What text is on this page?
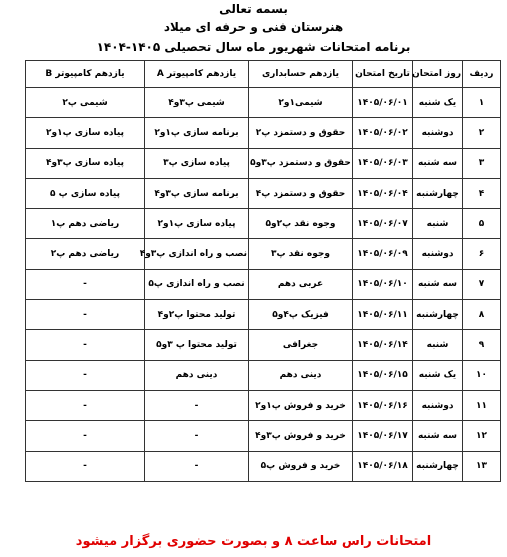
بسمه تعالی
هنرستان فنی و حرفه ای میلاد
برنامه امتحانات شهریور ماه سال تحصیلی ۱۴۰۵-۱۴۰۴
ردیف	روز امتحان	تاریخ امتحان	یازدهم حسابداری	یازدهم کامپیوتر A	یازدهم کامپیوتر B
۱	یک شنبه	۱۴۰۵/۰۶/۰۱	شیمی۱و۲	شیمی پ۳و۴	شیمی پ۲
۲	دوشنبه	۱۴۰۵/۰۶/۰۲	حقوق و دستمزد پ۲	برنامه سازی پ۱و۲	پیاده سازی پ۱و۲
۳	سه شنبه	۱۴۰۵/۰۶/۰۳	حقوق و دستمزد پ۳و۵	پیاده سازی پ۳	پیاده سازی پ۳و۴
۴	چهارشنبه	۱۴۰۵/۰۶/۰۴	حقوق و دستمزد پ۴	برنامه سازی پ۳و۴	پیاده سازی پ ۵
۵	شنبه	۱۴۰۵/۰۶/۰۷	وجوه نقد پ۲و۵	پیاده سازی پ۱و۲	ریاضی دهم پ۱
۶	دوشنبه	۱۴۰۵/۰۶/۰۹	وجوه نقد پ۳	نصب و راه اندازی پ۳و۴	ریاضی دهم پ۲
۷	سه شنبه	۱۴۰۵/۰۶/۱۰	عربی دهم	نصب و راه اندازی پ۵	-
۸	چهارشنبه	۱۴۰۵/۰۶/۱۱	فیزیک پ۴و۵	تولید محتوا پ۲و۴	-
۹	شنبه	۱۴۰۵/۰۶/۱۴	جغرافی	تولید محتوا پ ۳و۵	-
۱۰	یک شنبه	۱۴۰۵/۰۶/۱۵	دینی دهم	دینی دهم	-
۱۱	دوشنبه	۱۴۰۵/۰۶/۱۶	خرید و فروش پ۱و۲	-	-
۱۲	سه شنبه	۱۴۰۵/۰۶/۱۷	خرید و فروش پ۳و۴	-	-
۱۳	چهارشنبه	۱۴۰۵/۰۶/۱۸	خرید و فروش پ۵	-	-
امتحانات راس ساعت ۸ و بصورت حضوری برگزار میشود
